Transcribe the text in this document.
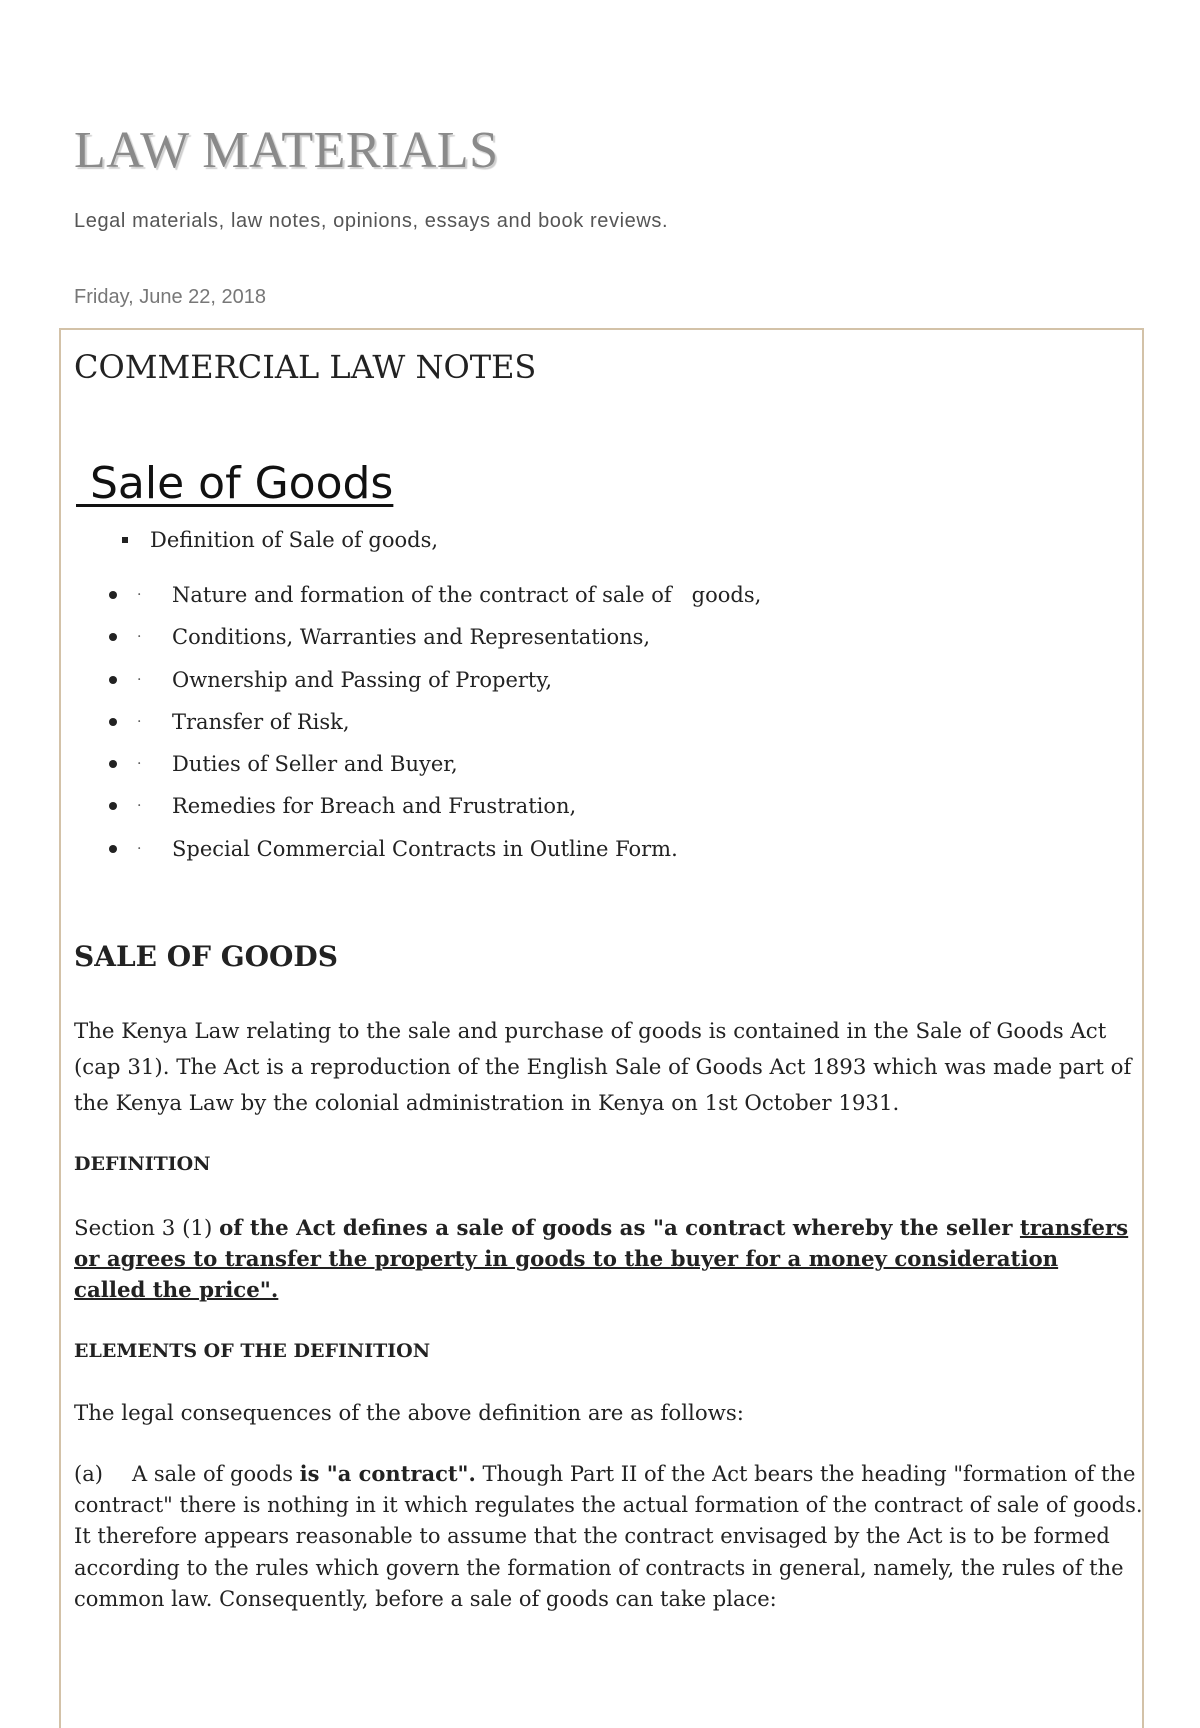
LAW MATERIALS

Legal materials, law notes, opinions, essays and book reviews.

Friday, June 22, 2018

COMMERCIAL LAW NOTES
Sale of Goods
Definition of Sale of goods,
· Nature and formation of the contract of sale of   goods,
· Conditions, Warranties and Representations,
· Ownership and Passing of Property,
· Transfer of Risk,
· Duties of Seller and Buyer,
· Remedies for Breach and Frustration,
· Special Commercial Contracts in Outline Form.
SALE OF GOODS

The Kenya Law relating to the sale and purchase of goods is contained in the Sale of Goods Act (cap 31). The Act is a reproduction of the English Sale of Goods Act 1893 which was made part of the Kenya Law by the colonial administration in Kenya on 1st October 1931.

DEFINITION

Section 3 (1) of the Act defines a sale of goods as "a contract whereby the seller transfers or agrees to transfer the property in goods to the buyer for a money consideration called the price".

ELEMENTS OF THE DEFINITION

The legal consequences of the above definition are as follows:

(a) A sale of goods is "a contract". Though Part II of the Act bears the heading "formation of the contract" there is nothing in it which regulates the actual formation of the contract of sale of goods. It therefore appears reasonable to assume that the contract envisaged by the Act is to be formed according to the rules which govern the formation of contracts in general, namely, the rules of the common law. Consequently, before a sale of goods can take place:
